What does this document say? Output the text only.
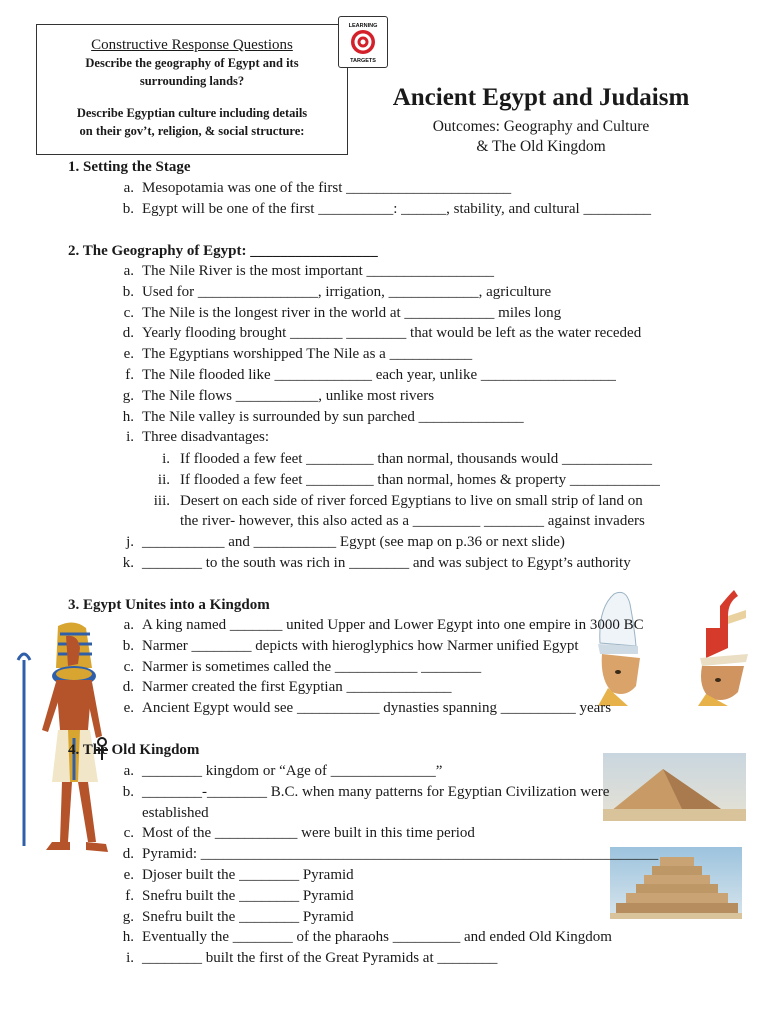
Constructive Response Questions
Describe the geography of Egypt and its
surrounding lands?
Describe Egyptian culture including details
on their gov’t, religion, & social structure:
LEARNING
TARGETS
Ancient Egypt and Judaism
Outcomes: Geography and Culture
& The Old Kingdom
1. Setting the Stage
a. Mesopotamia was one of the first ______________________
b. Egypt will be one of the first __________: ______, stability, and cultural _________
2. The Geography of Egypt: _________________
a. The Nile River is the most important _________________
b. Used for ________________, irrigation, ____________, agriculture
c. The Nile is the longest river in the world at ____________ miles long
d. Yearly flooding brought _______ ________ that would be left as the water receded
e. The Egyptians worshipped The Nile as a ___________
f. The Nile flooded like _____________ each year, unlike __________________
g. The Nile flows ___________, unlike most rivers
h. The Nile valley is surrounded by sun parched ______________
i. Three disadvantages:
i. If flooded a few feet _________ than normal, thousands would ____________
ii. If flooded a few feet _________ than normal, homes & property ____________
iii. Desert on each side of river forced Egyptians to live on small strip of land on
the river- however, this also acted as a _________ ________ against invaders
j. ___________ and ___________ Egypt (see map on p.36 or next slide)
k. ________ to the south was rich in ________ and was subject to Egypt’s authority
3. Egypt Unites into a Kingdom
a. A king named _______ united Upper and Lower Egypt into one empire in 3000 BC
b. Narmer ________ depicts with hieroglyphics how Narmer unified Egypt
c. Narmer is sometimes called the ___________ ________
d. Narmer created the first Egyptian ______________
e. Ancient Egypt would see ___________ dynasties spanning __________ years
4. The Old Kingdom
a. ________ kingdom or “Age of ______________”
b. ________-________ B.C. when many patterns for Egyptian Civilization were
established
c. Most of the ___________ were built in this time period
d. Pyramid: _____________________________________________________________
e. Djoser built the ________ Pyramid
f. Snefru built the ________ Pyramid
g. Snefru built the ________ Pyramid
h. Eventually the ________ of the pharaohs _________ and ended Old Kingdom
i. ________ built the first of the Great Pyramids at ________
